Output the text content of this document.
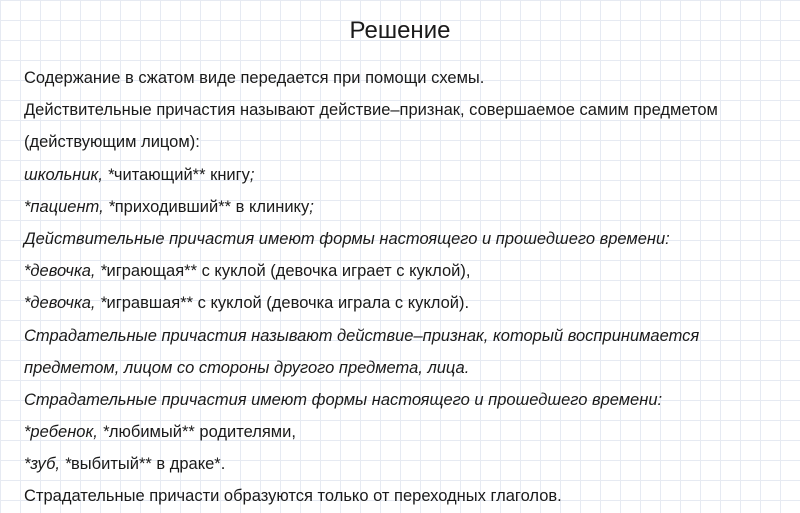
Решение
Содержание в сжатом виде передается при помощи схемы.
Действительные причастия называют действие–признак, совершаемое самим предметом
(действующим лицом):
школьник, *читающий** книгу;
*пациент, *приходивший** в клинику;
Действительные причастия имеют формы настоящего и прошедшего времени:
*девочка, *играющая** с куклой (девочка играет с куклой),
*девочка, *игравшая** с куклой (девочка играла с куклой).
Страдательные причастия называют действие–признак, который воспринимается
предметом, лицом со стороны другого предмета, лица.
Страдательные причастия имеют формы настоящего и прошедшего времени:
*ребенок, *любимый** родителями,
*зуб, *выбитый** в драке*.
Страдательные причасти образуются только от переходных глаголов.
